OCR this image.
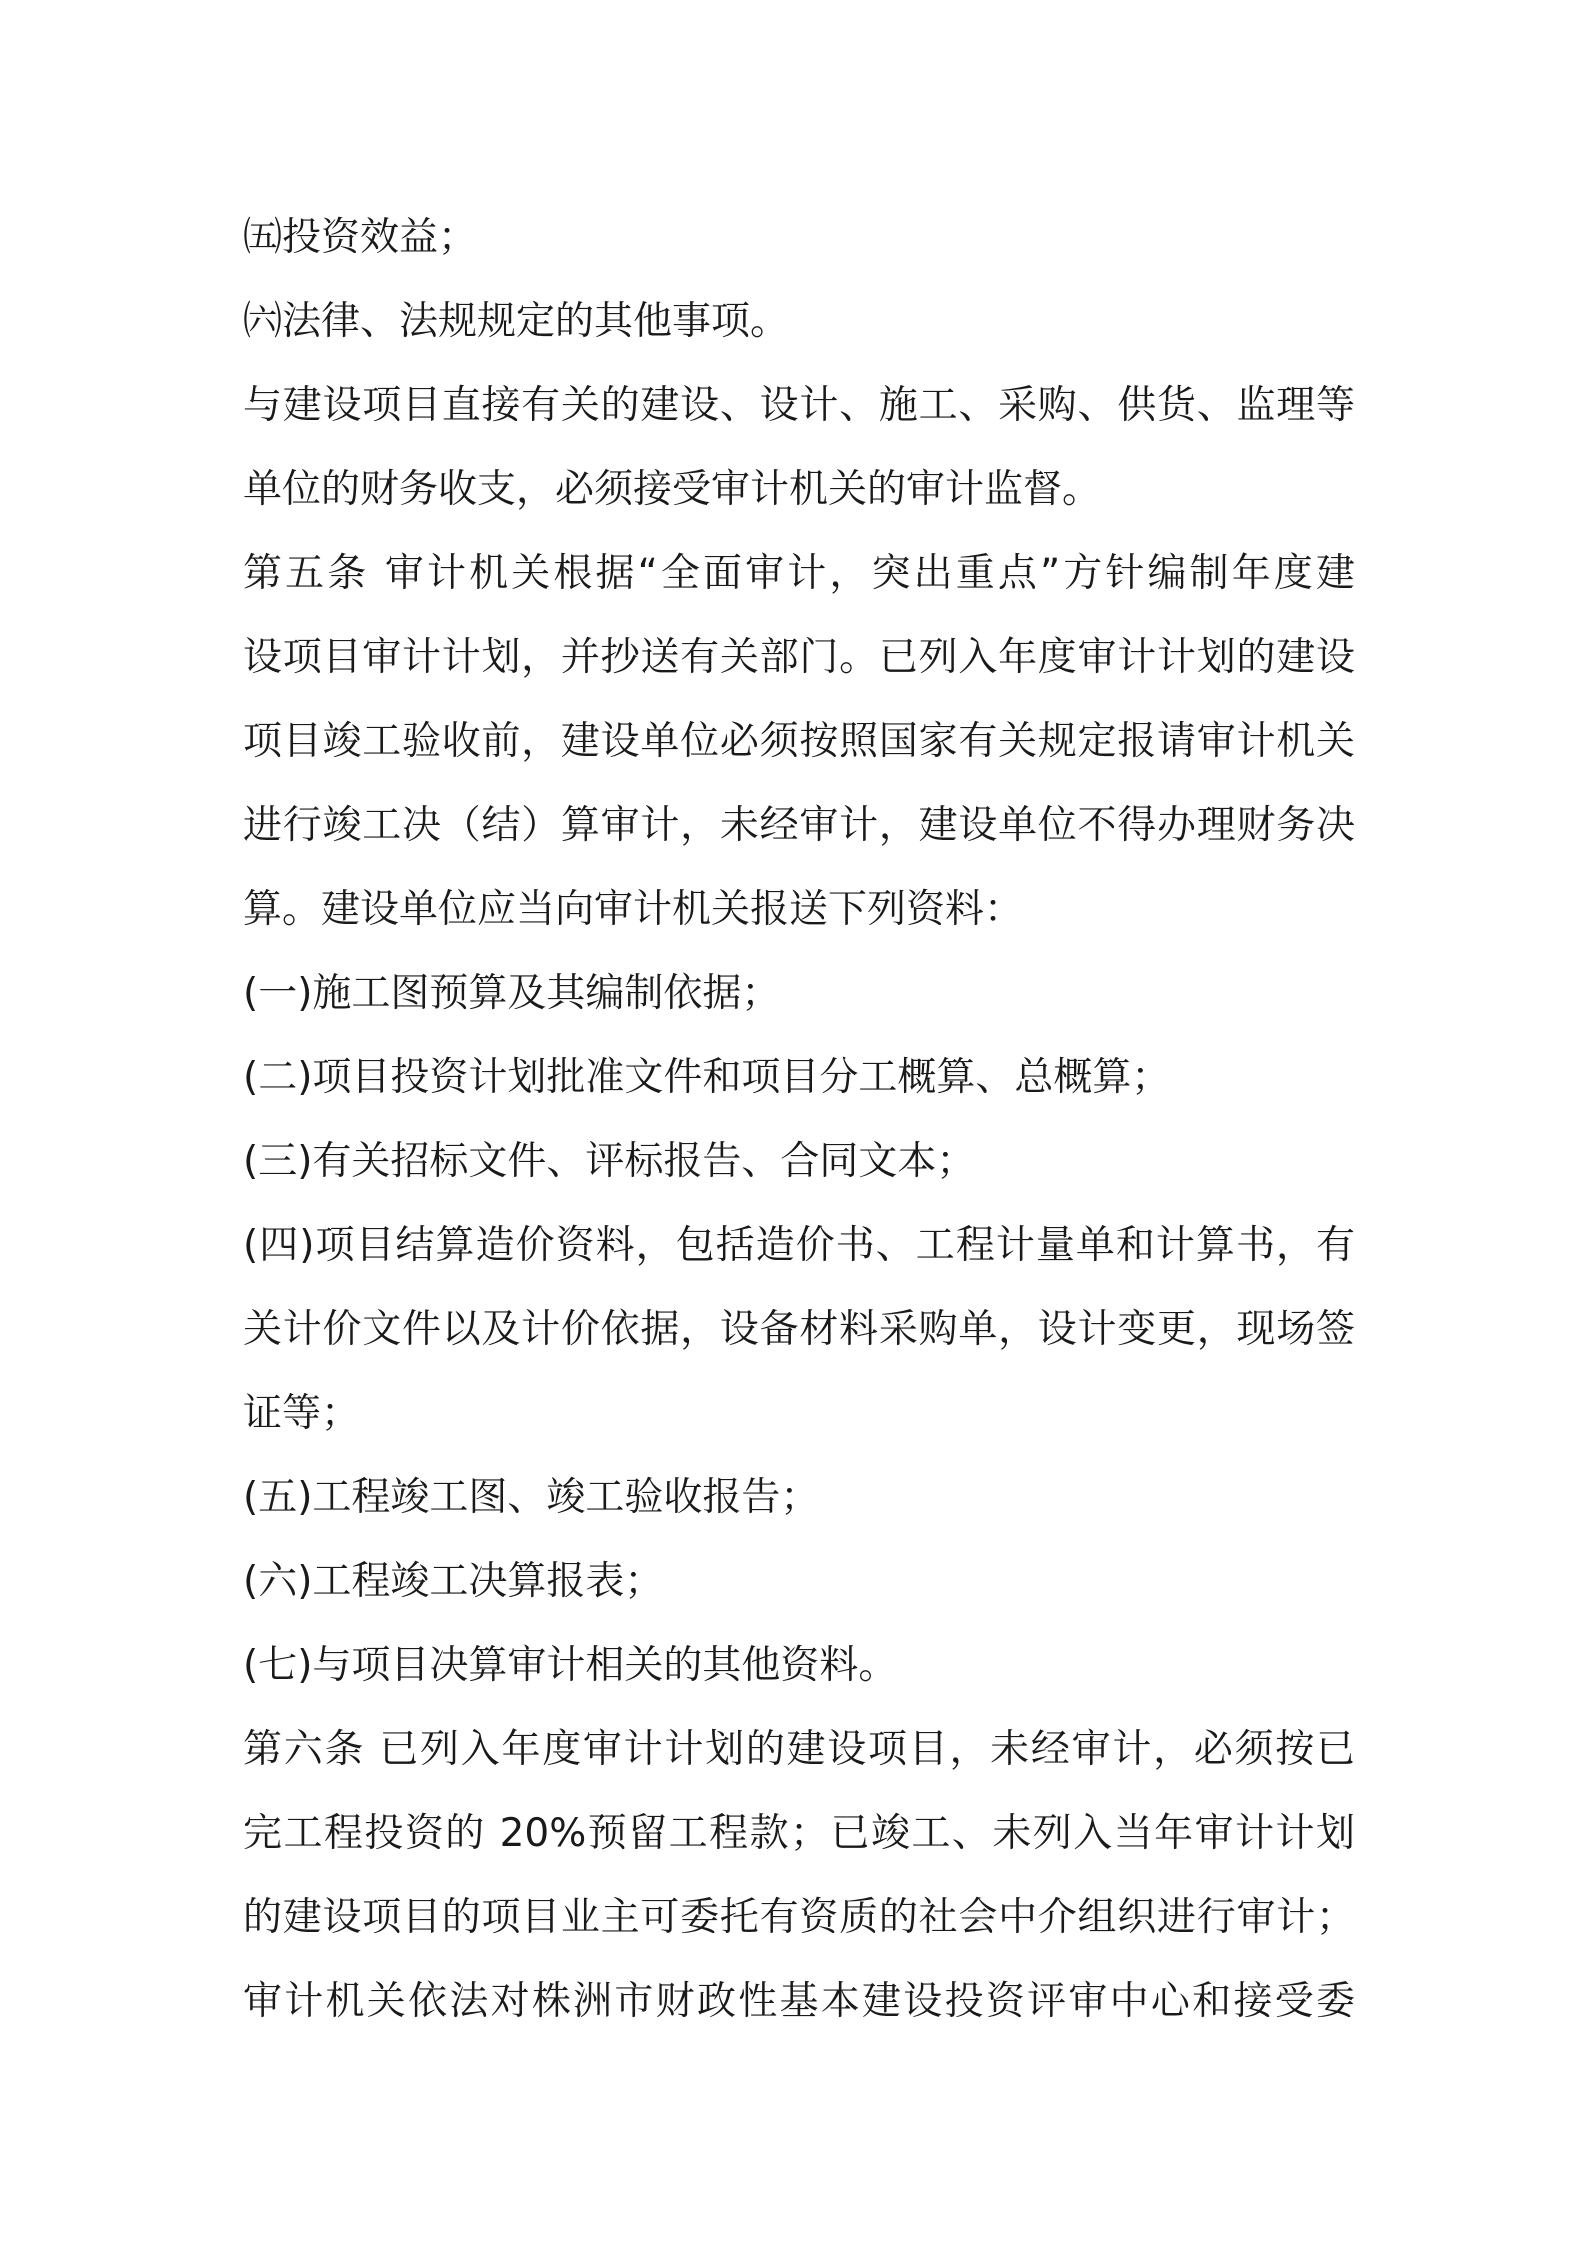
㈤投资效益；
㈥法律、法规规定的其他事项。
与建设项目直接有关的建设、设计、施工、采购、供货、监理等
单位的财务收支，必须接受审计机关的审计监督。
第五条 审计机关根据“全面审计，突出重点”方针编制年度建
设项目审计计划，并抄送有关部门。已列入年度审计计划的建设
项目竣工验收前，建设单位必须按照国家有关规定报请审计机关
进行竣工决（结）算审计，未经审计，建设单位不得办理财务决
算。建设单位应当向审计机关报送下列资料：
(一)施工图预算及其编制依据；
(二)项目投资计划批准文件和项目分工概算、总概算；
(三)有关招标文件、评标报告、合同文本；
(四)项目结算造价资料，包括造价书、工程计量单和计算书，有
关计价文件以及计价依据，设备材料采购单，设计变更，现场签
证等；
(五)工程竣工图、竣工验收报告；
(六)工程竣工决算报表；
(七)与项目决算审计相关的其他资料。
第六条 已列入年度审计计划的建设项目，未经审计，必须按已
完工程投资的 20%预留工程款；已竣工、未列入当年审计计划
的建设项目的项目业主可委托有资质的社会中介组织进行审计；
审计机关依法对株洲市财政性基本建设投资评审中心和接受委
